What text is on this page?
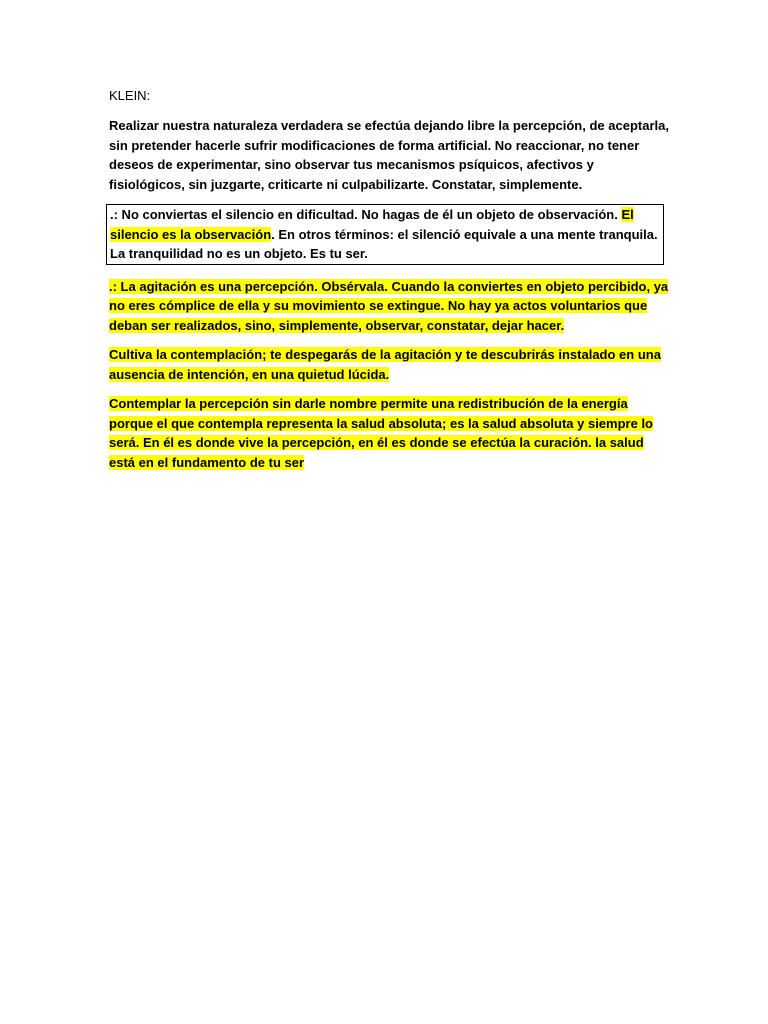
KLEIN:

Realizar nuestra naturaleza verdadera se efectúa dejando libre la percepción, de aceptarla, sin pretender hacerle sufrir modificaciones de forma artificial. No reaccionar, no tener deseos de experimentar, sino observar tus mecanismos psíquicos, afectivos y fisiológicos, sin juzgarte, criticarte ni culpabilizarte. Constatar, simplemente.

.: No conviertas el silencio en dificultad. No hagas de él un objeto de observación. El silencio es la observación. En otros términos: el silenció equivale a una mente tranquila. La tranquilidad no es un objeto. Es tu ser.

.: La agitación es una percepción. Obsérvala. Cuando la conviertes en objeto percibido, ya no eres cómplice de ella y su movimiento se extingue. No hay ya actos voluntarios que deban ser realizados, sino, simplemente, observar, constatar, dejar hacer.

Cultiva la contemplación; te despegarás de la agitación y te descubrirás instalado en una ausencia de intención, en una quietud lúcida.

Contemplar la percepción sin darle nombre permite una redistribución de la energía porque el que contempla representa la salud absoluta; es la salud absoluta y siempre lo será. En él es donde vive la percepción, en él es donde se efectúa la curación. la salud está en el fundamento de tu ser
